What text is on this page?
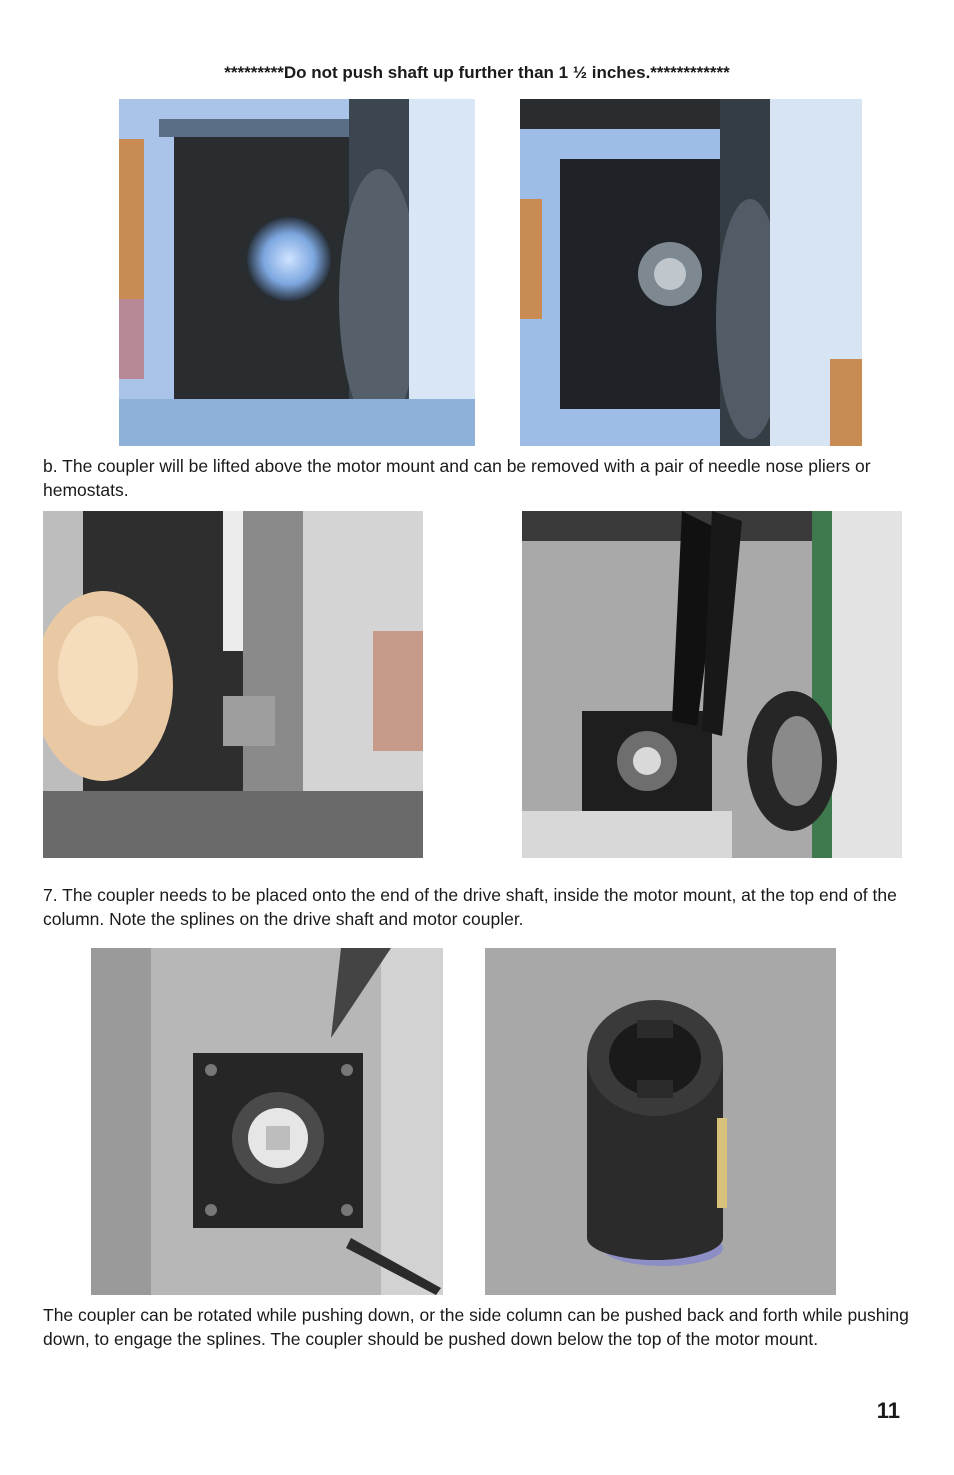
*********Do not push shaft up further than 1 ½ inches.************
b. The coupler will be lifted above the motor mount and can be removed with a pair of needle nose pliers or hemostats.
7. The coupler needs to be placed onto the end of the drive shaft, inside the motor mount, at the top end of the column. Note the splines on the drive shaft and motor coupler.
The coupler can be rotated while pushing down, or the side column can be pushed back and forth while pushing down, to engage the splines. The coupler should be pushed down below the top of the motor mount.
11
